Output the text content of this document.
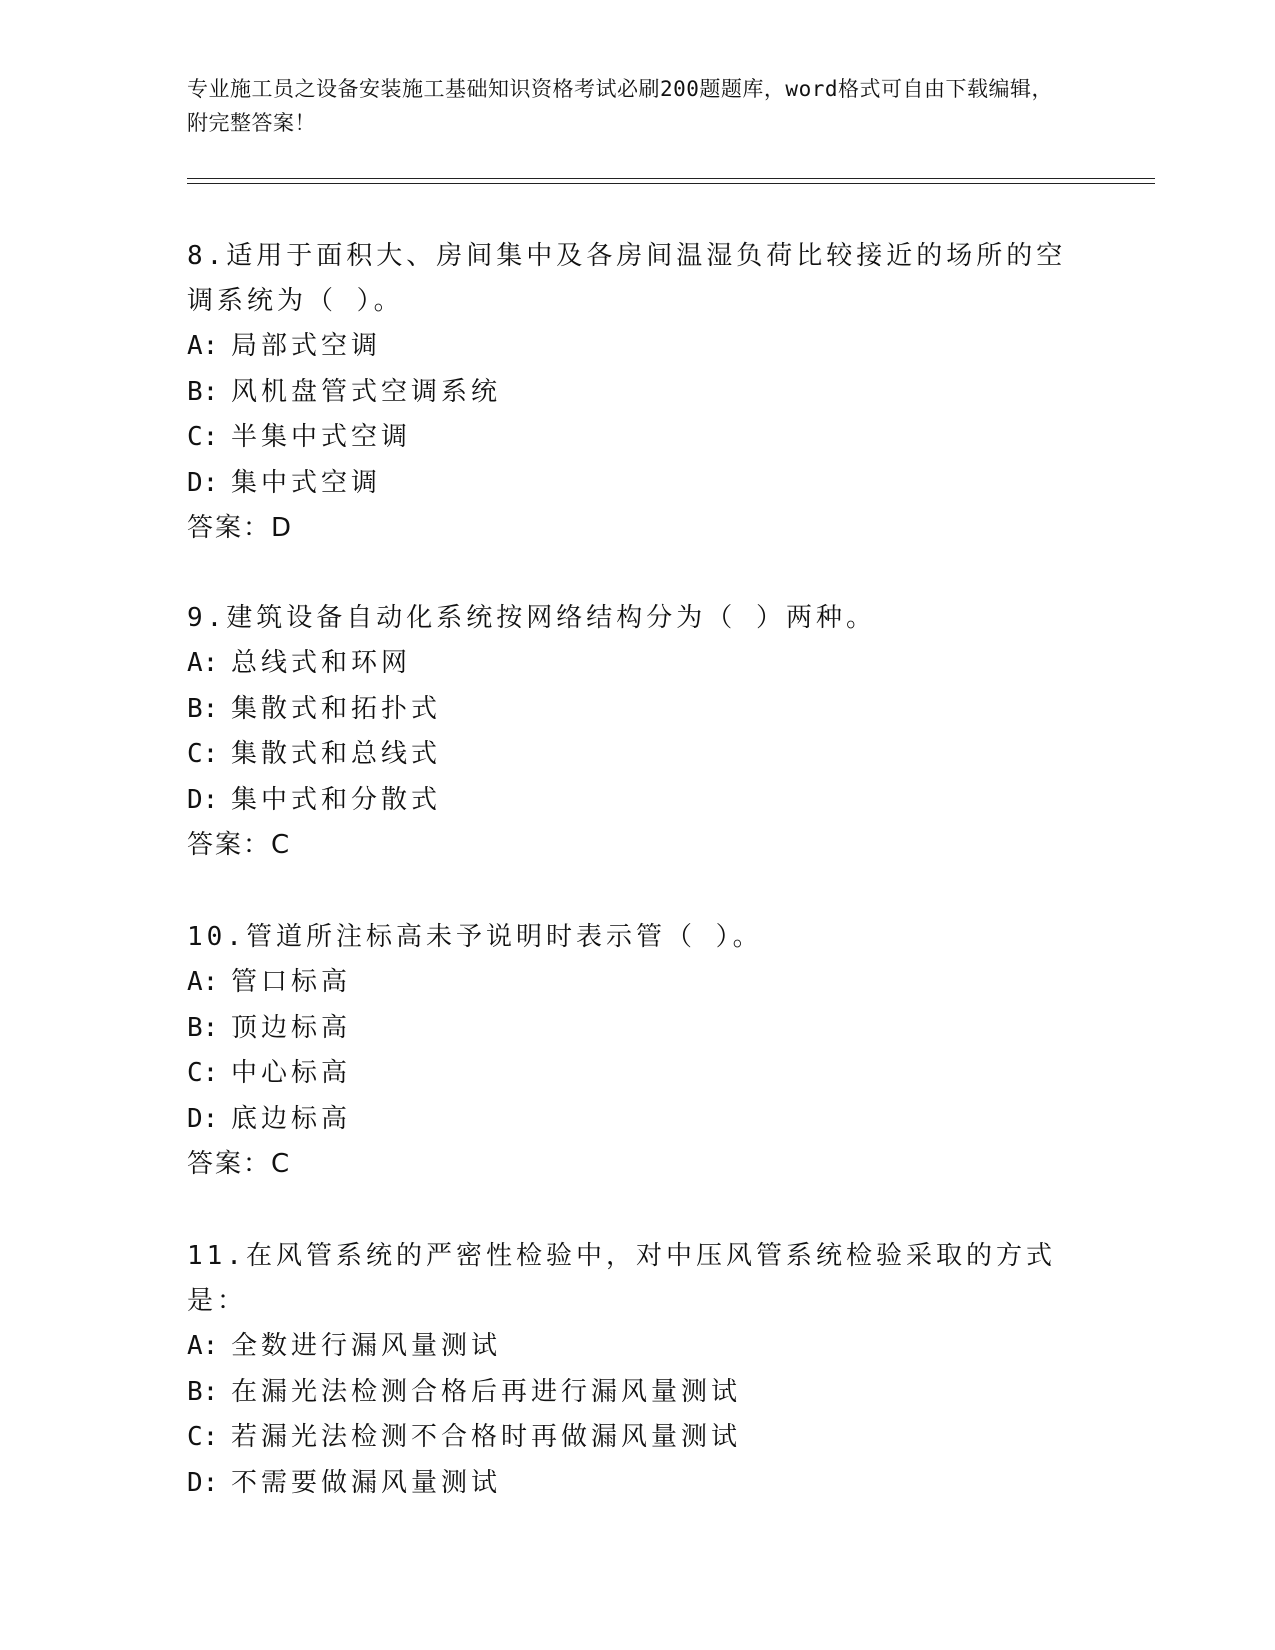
专业施工员之设备安装施工基础知识资格考试必刷200题题库，word格式可自由下载编辑，附完整答案！

8.适用于面积大、房间集中及各房间温湿负荷比较接近的场所的空调系统为（ ）。

A: 局部式空调

B: 风机盘管式空调系统

C: 半集中式空调

D: 集中式空调

答案：D

9.建筑设备自动化系统按网络结构分为（ ）两种。

A: 总线式和环网

B: 集散式和拓扑式

C: 集散式和总线式

D: 集中式和分散式

答案：C

10.管道所注标高未予说明时表示管（ ）。

A: 管口标高

B: 顶边标高

C: 中心标高

D: 底边标高

答案：C

11.在风管系统的严密性检验中，对中压风管系统检验采取的方式是：

A: 全数进行漏风量测试

B: 在漏光法检测合格后再进行漏风量测试

C: 若漏光法检测不合格时再做漏风量测试

D: 不需要做漏风量测试
